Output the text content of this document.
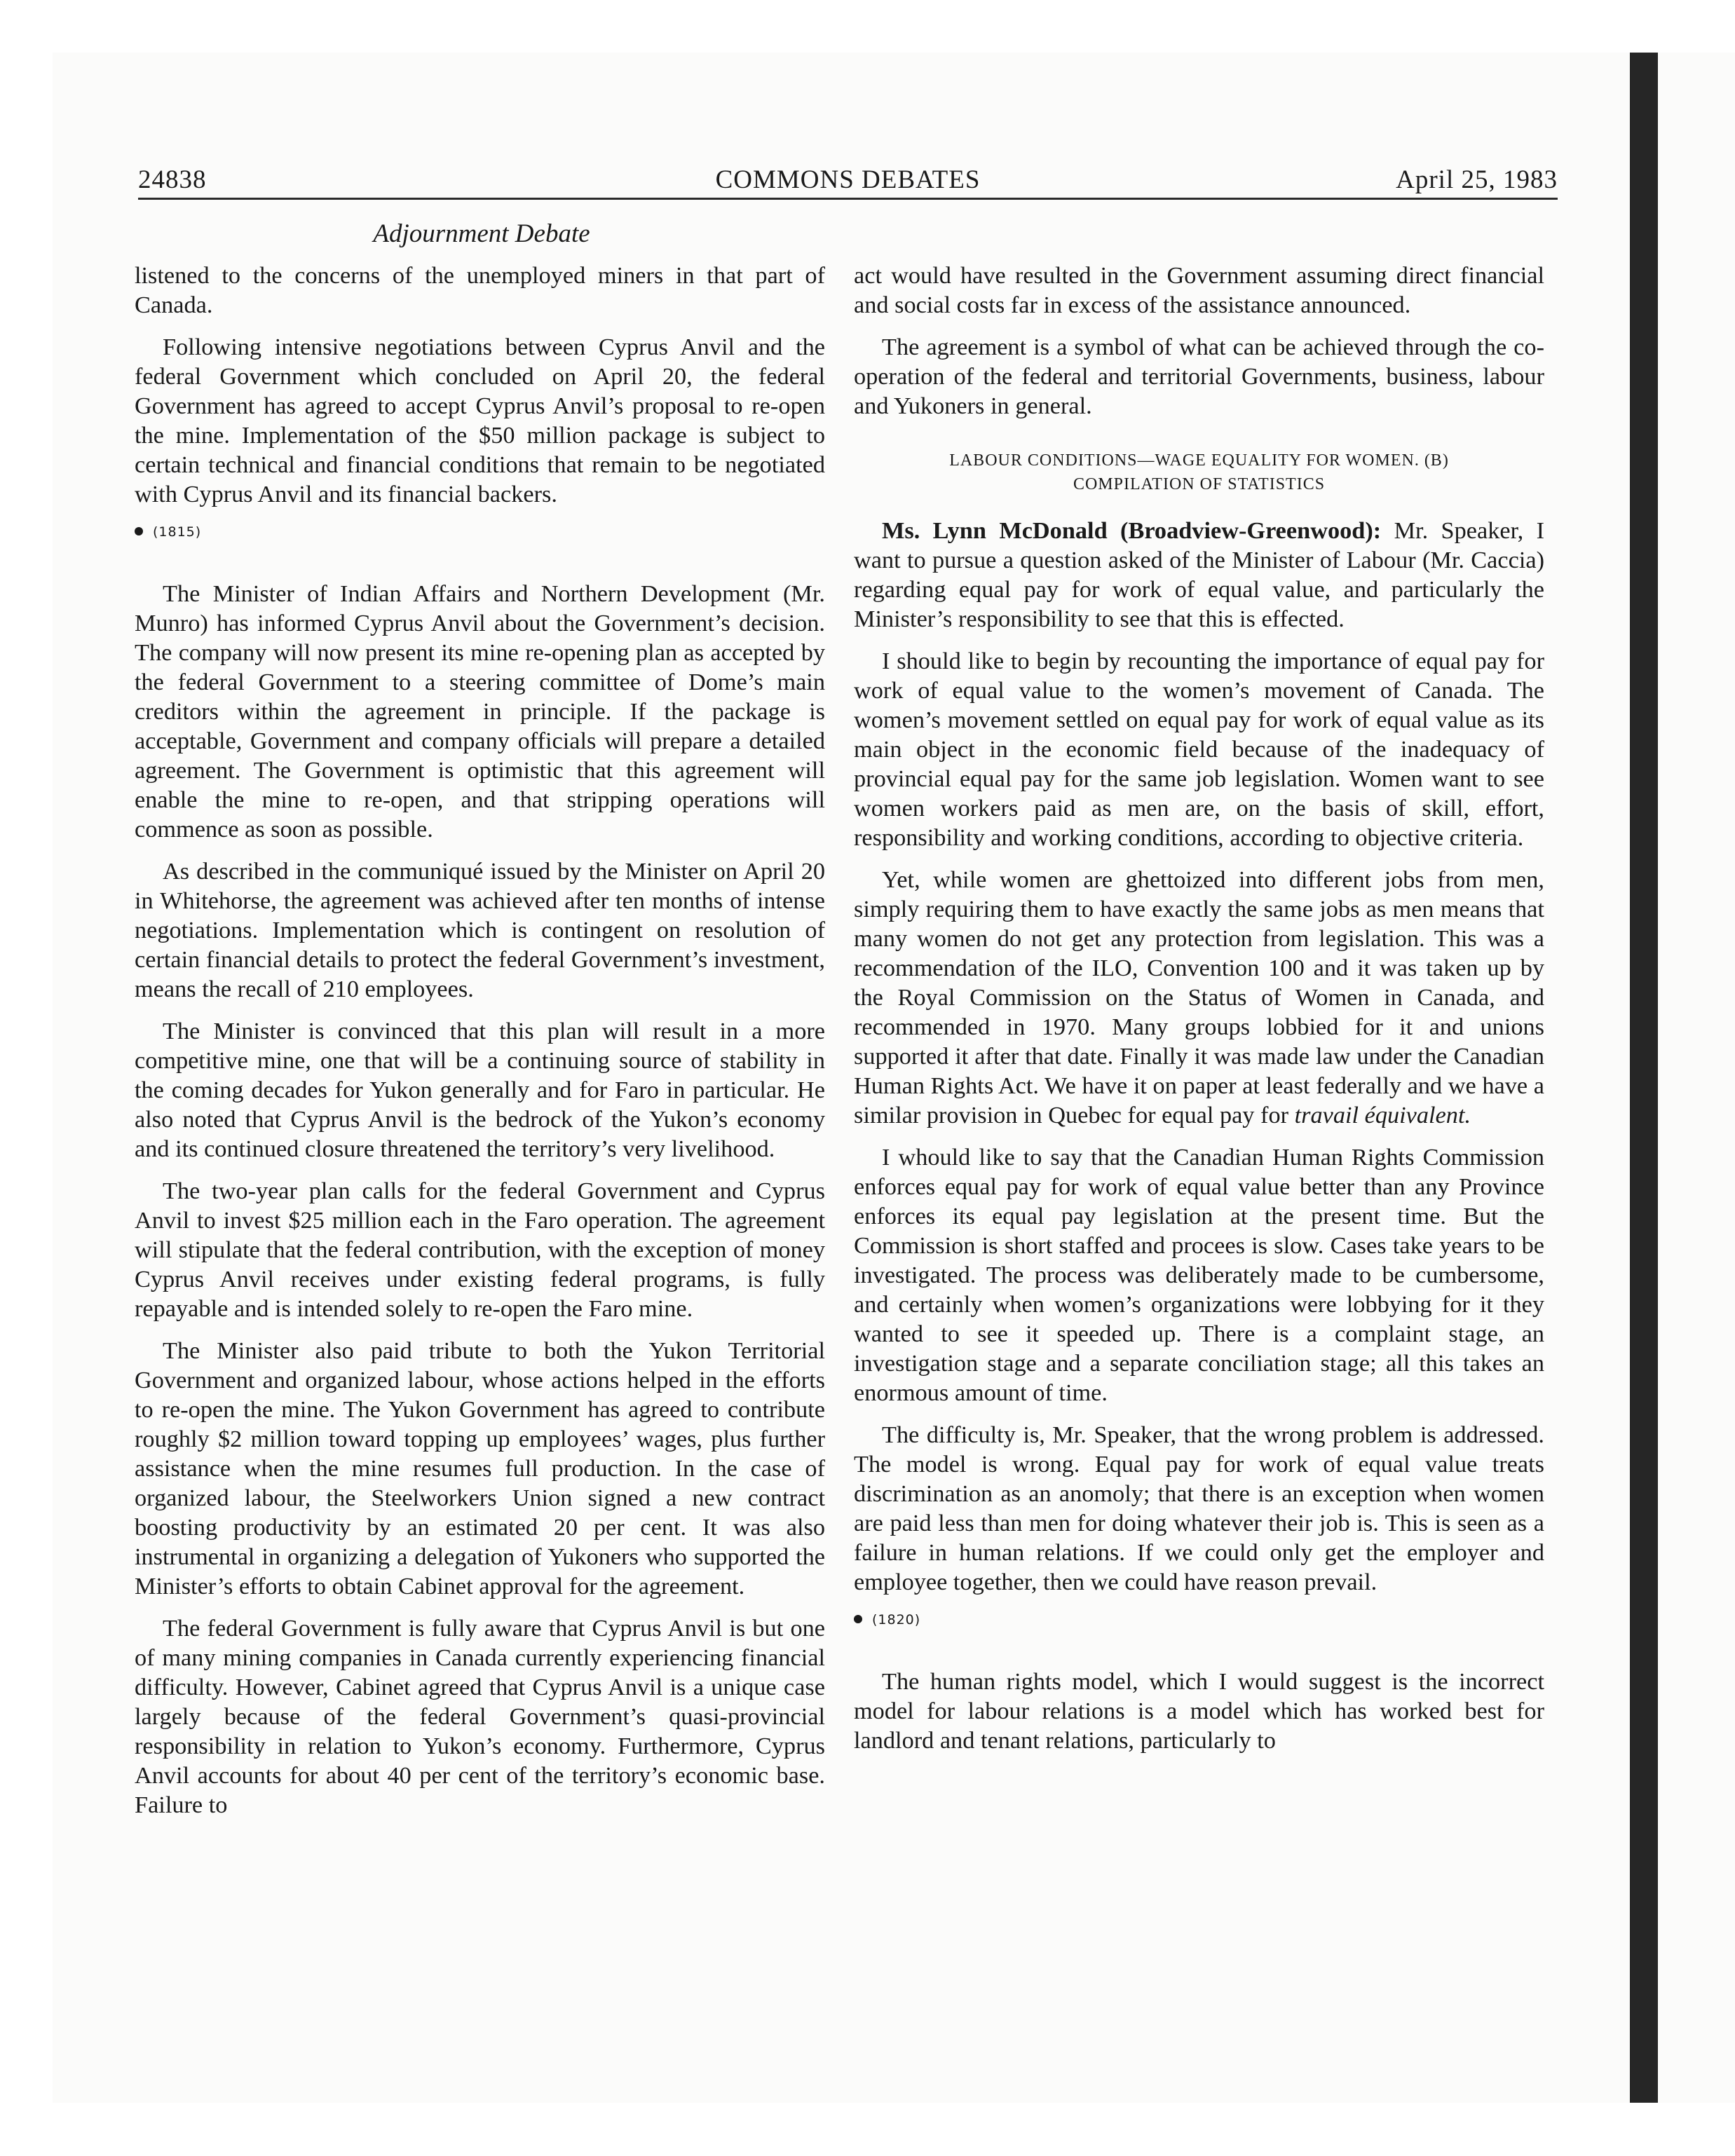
24838	COMMONS DEBATES	April 25, 1983
Adjournment Debate

listened to the concerns of the unemployed miners in that part of Canada.

Following intensive negotiations between Cyprus Anvil and the federal Government which concluded on April 20, the federal Government has agreed to accept Cyprus Anvil’s proposal to re-open the mine. Implementation of the $50 million package is subject to certain technical and financial conditions that remain to be negotiated with Cyprus Anvil and its financial backers.

(1815)

The Minister of Indian Affairs and Northern Development (Mr. Munro) has informed Cyprus Anvil about the Government’s decision. The company will now present its mine re-opening plan as accepted by the federal Government to a steering committee of Dome’s main creditors within the agreement in principle. If the package is acceptable, Government and company officials will prepare a detailed agreement. The Government is optimistic that this agreement will enable the mine to re-open, and that stripping operations will commence as soon as possible.

As described in the communiqué issued by the Minister on April 20 in Whitehorse, the agreement was achieved after ten months of intense negotiations. Implementation which is contingent on resolution of certain financial details to protect the federal Government’s investment, means the recall of 210 employees.

The Minister is convinced that this plan will result in a more competitive mine, one that will be a continuing source of stability in the coming decades for Yukon generally and for Faro in particular. He also noted that Cyprus Anvil is the bedrock of the Yukon’s economy and its continued closure threatened the territory’s very livelihood.

The two-year plan calls for the federal Government and Cyprus Anvil to invest $25 million each in the Faro operation. The agreement will stipulate that the federal contribution, with the exception of money Cyprus Anvil receives under existing federal programs, is fully repayable and is intended solely to re-open the Faro mine.

The Minister also paid tribute to both the Yukon Territorial Government and organized labour, whose actions helped in the efforts to re-open the mine. The Yukon Government has agreed to contribute roughly $2 million toward topping up employees’ wages, plus further assistance when the mine resumes full production. In the case of organized labour, the Steelworkers Union signed a new contract boosting productivity by an estimated 20 per cent. It was also instrumental in organizing a delegation of Yukoners who supported the Minister’s efforts to obtain Cabinet approval for the agreement.

The federal Government is fully aware that Cyprus Anvil is but one of many mining companies in Canada currently experiencing financial difficulty. However, Cabinet agreed that Cyprus Anvil is a unique case largely because of the federal Government’s quasi-provincial responsibility in relation to Yukon’s economy. Furthermore, Cyprus Anvil accounts for about 40 per cent of the territory’s economic base. Failure to

act would have resulted in the Government assuming direct financial and social costs far in excess of the assistance announced.

The agreement is a symbol of what can be achieved through the co-operation of the federal and territorial Governments, business, labour and Yukoners in general.

LABOUR CONDITIONS—WAGE EQUALITY FOR WOMEN. (B)
COMPILATION OF STATISTICS

Ms. Lynn McDonald (Broadview-Greenwood): Mr. Speaker, I want to pursue a question asked of the Minister of Labour (Mr. Caccia) regarding equal pay for work of equal value, and particularly the Minister’s responsibility to see that this is effected.

I should like to begin by recounting the importance of equal pay for work of equal value to the women’s movement of Canada. The women’s movement settled on equal pay for work of equal value as its main object in the economic field because of the inadequacy of provincial equal pay for the same job legislation. Women want to see women workers paid as men are, on the basis of skill, effort, responsibility and working conditions, according to objective criteria.

Yet, while women are ghettoized into different jobs from men, simply requiring them to have exactly the same jobs as men means that many women do not get any protection from legislation. This was a recommendation of the ILO, Convention 100 and it was taken up by the Royal Commission on the Status of Women in Canada, and recommended in 1970. Many groups lobbied for it and unions supported it after that date. Finally it was made law under the Canadian Human Rights Act. We have it on paper at least federally and we have a similar provision in Quebec for equal pay for travail équivalent.

I whould like to say that the Canadian Human Rights Commission enforces equal pay for work of equal value better than any Province enforces its equal pay legislation at the present time. But the Commission is short staffed and procees is slow. Cases take years to be investigated. The process was deliberately made to be cumbersome, and certainly when women’s organizations were lobbying for it they wanted to see it speeded up. There is a complaint stage, an investigation stage and a separate conciliation stage; all this takes an enormous amount of time.

The difficulty is, Mr. Speaker, that the wrong problem is addressed. The model is wrong. Equal pay for work of equal value treats discrimination as an anomoly; that there is an exception when women are paid less than men for doing whatever their job is. This is seen as a failure in human relations. If we could only get the employer and employee together, then we could have reason prevail.

(1820)

The human rights model, which I would suggest is the incorrect model for labour relations is a model which has worked best for landlord and tenant relations, particularly to
